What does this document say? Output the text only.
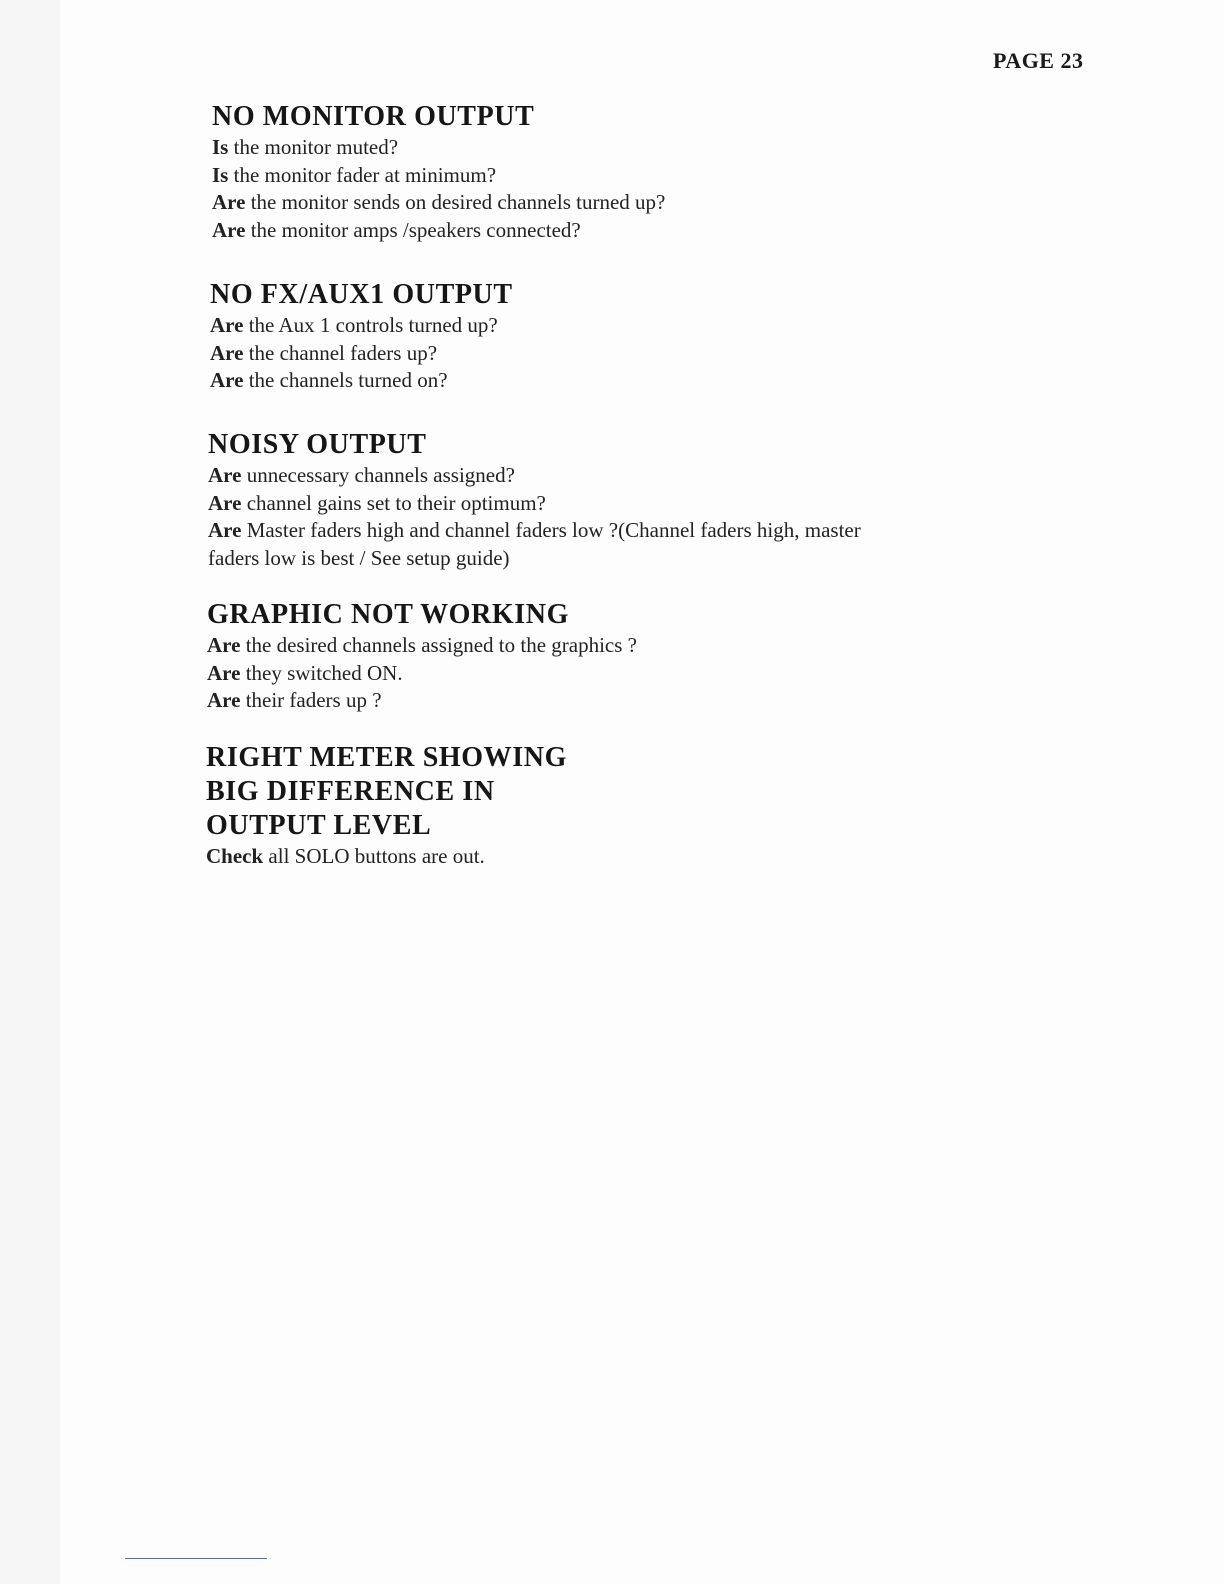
PAGE 23
NO MONITOR OUTPUT
Is the monitor muted?
Is the monitor fader at minimum?
Are the monitor sends on desired channels turned up?
Are the monitor amps /speakers connected?
NO FX/AUX1 OUTPUT
Are the Aux 1 controls turned up?
Are the channel faders up?
Are the channels turned on?
NOISY OUTPUT
Are unnecessary channels assigned?
Are channel gains set to their optimum?
Are Master faders high and channel faders low ?(Channel faders high, master faders low is best / See setup guide)
GRAPHIC NOT WORKING
Are the desired channels assigned to the graphics ?
Are they switched ON.
Are their faders up ?
RIGHT METER SHOWING
BIG DIFFERENCE IN
OUTPUT LEVEL
Check all SOLO buttons are out.
